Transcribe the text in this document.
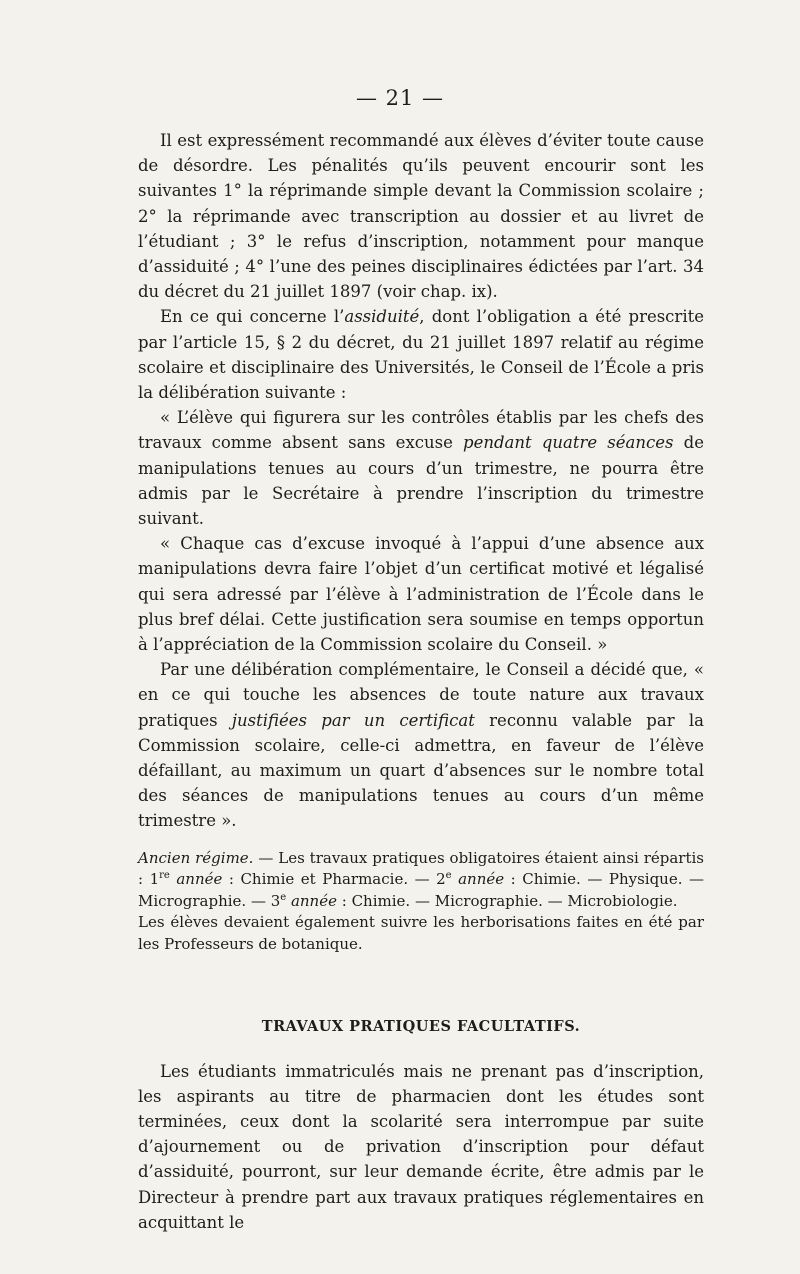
— 21 —

Il est expressément recommandé aux élèves d’éviter toute cause de désordre. Les pénalités qu’ils peuvent encourir sont les suivantes 1° la réprimande simple devant la Commission scolaire ; 2° la réprimande avec transcription au dossier et au livret de l’étudiant ; 3° le refus d’inscription, notamment pour manque d’assiduité ; 4° l’une des peines disciplinaires édictées par l’art. 34 du décret du 21 juillet 1897 (voir chap. ix).

En ce qui concerne l’assiduité, dont l’obligation a été prescrite par l’article 15, § 2 du décret, du 21 juillet 1897 relatif au régime scolaire et disciplinaire des Universités, le Conseil de l’École a pris la délibération suivante :

« L’élève qui figurera sur les contrôles établis par les chefs des travaux comme absent sans excuse pendant quatre séances de manipulations tenues au cours d’un trimestre, ne pourra être admis par le Secrétaire à prendre l’inscription du trimestre suivant.

« Chaque cas d’excuse invoqué à l’appui d’une absence aux manipulations devra faire l’objet d’un certificat motivé et légalisé qui sera adressé par l’élève à l’administration de l’École dans le plus bref délai. Cette justification sera soumise en temps opportun à l’appréciation de la Commission scolaire du Conseil. »

Par une délibération complémentaire, le Conseil a décidé que, « en ce qui touche les absences de toute nature aux travaux pratiques justifiées par un certificat reconnu valable par la Commission scolaire, celle-ci admettra, en faveur de l’élève défaillant, au maximum un quart d’absences sur le nombre total des séances de manipulations tenues au cours d’un même trimestre ».

Ancien régime. — Les travaux pratiques obligatoires étaient ainsi répartis : 1re année : Chimie et Pharmacie. — 2e année : Chimie. — Physique. — Micrographie. — 3e année : Chimie. — Micrographie. — Microbiologie.

Les élèves devaient également suivre les herborisations faites en été par les Professeurs de botanique.

TRAVAUX PRATIQUES FACULTATIFS.

Les étudiants immatriculés mais ne prenant pas d’inscription, les aspirants au titre de pharmacien dont les études sont terminées, ceux dont la scolarité sera interrompue par suite d’ajournement ou de privation d’inscription pour défaut d’assiduité, pourront, sur leur demande écrite, être admis par le Directeur à prendre part aux travaux pratiques réglementaires en acquittant le
